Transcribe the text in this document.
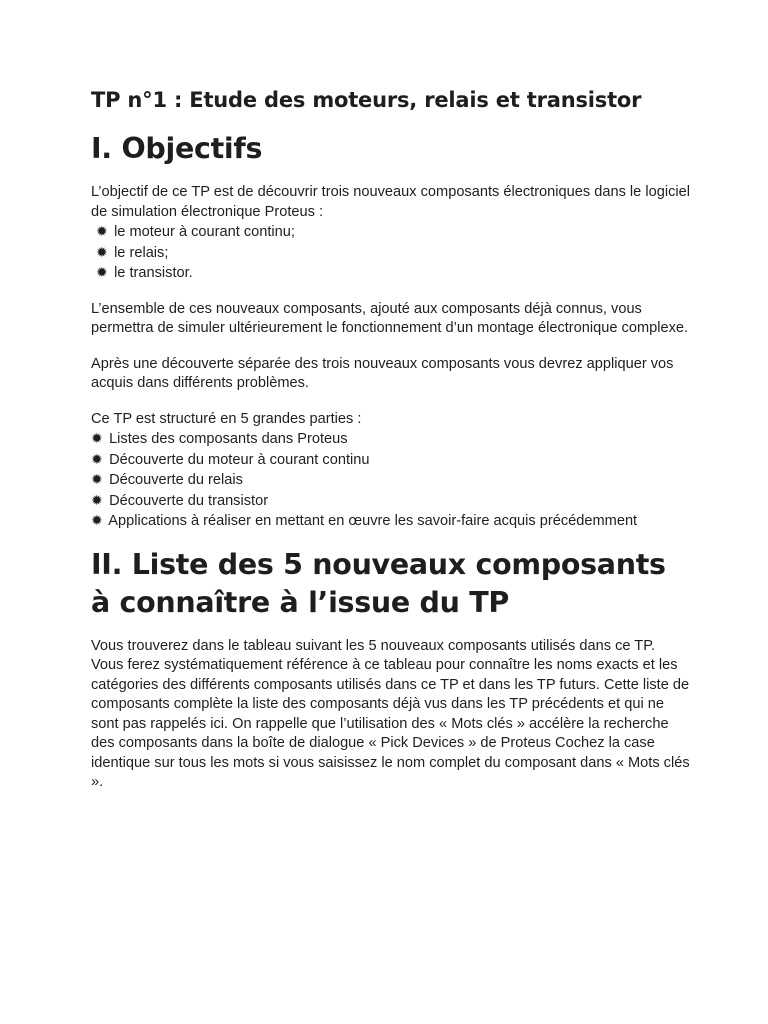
TP n°1 : Etude des moteurs, relais et transistor
I. Objectifs

L’objectif de ce TP est de découvrir trois nouveaux composants électroniques dans le logiciel de simulation électronique Proteus :

✹ le moteur à courant continu;
✹ le relais;
✹ le transistor.

L’ensemble de ces nouveaux composants, ajouté aux composants déjà connus, vous permettra de simuler ultérieurement le fonctionnement d’un montage électronique complexe.

Après une découverte séparée des trois nouveaux composants vous devrez appliquer vos acquis dans différents problèmes.

Ce TP est structuré en 5 grandes parties :

✹ Listes des composants dans Proteus
✹ Découverte du moteur à courant continu
✹ Découverte du relais
✹ Découverte du transistor
✹ Applications à réaliser en mettant en œuvre les savoir-faire acquis précédemment
II. Liste des 5 nouveaux composants à connaître à l’issue du TP

Vous trouverez dans le tableau suivant les 5 nouveaux composants utilisés dans ce TP. Vous ferez systématiquement référence à ce tableau pour connaître les noms exacts et les catégories des différents composants utilisés dans ce TP et dans les TP futurs. Cette liste de composants complète la liste des composants déjà vus dans les TP précédents et qui ne sont pas rappelés ici. On rappelle que l’utilisation des « Mots clés » accélère la recherche des composants dans la boîte de dialogue « Pick Devices » de Proteus Cochez la case identique sur tous les mots si vous saisissez le nom complet du composant dans « Mots clés ».
